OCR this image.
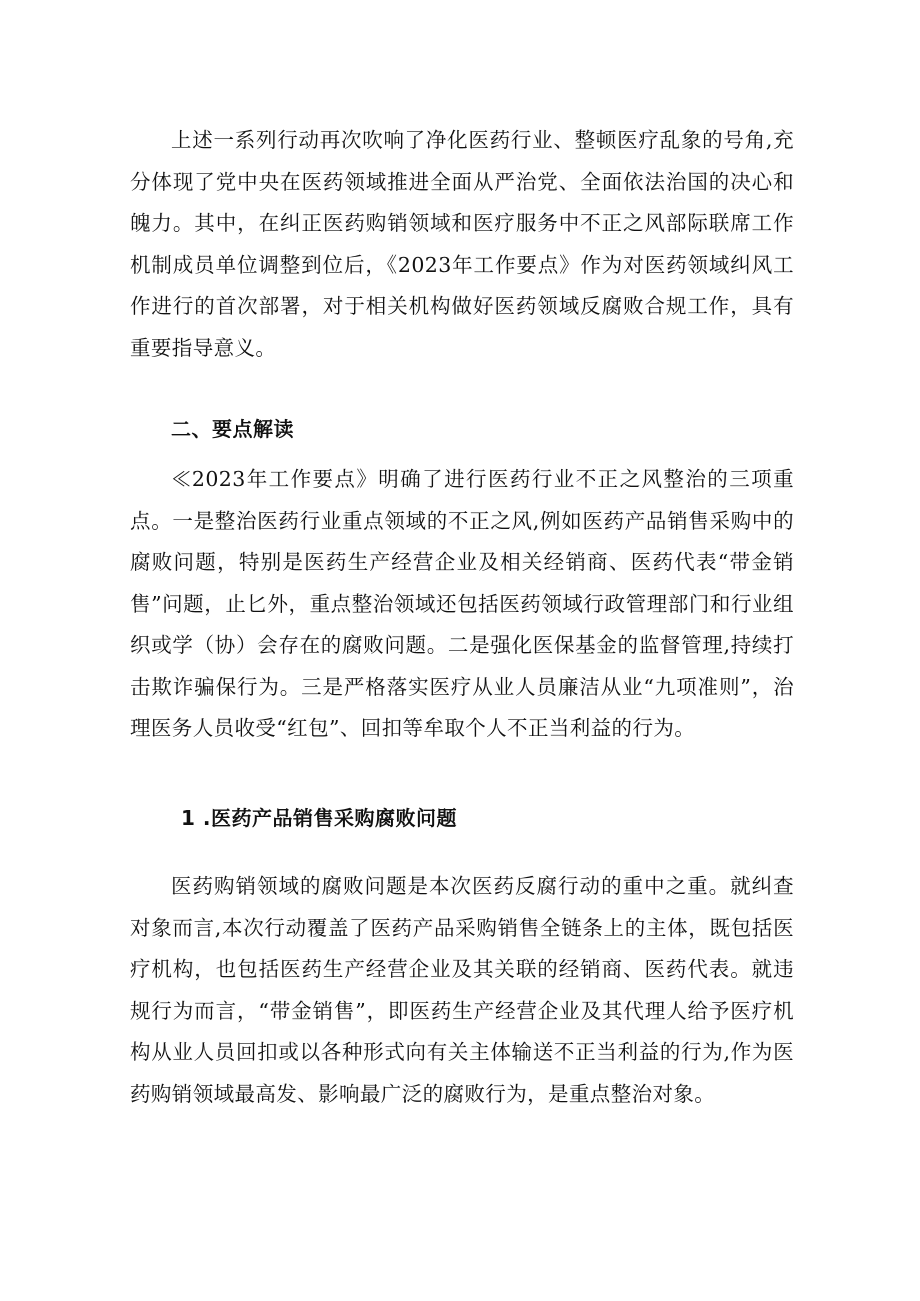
上述一系列行动再次吹响了净化医药行业、整顿医疗乱象的号角,充分体现了党中央在医药领域推进全面从严治党、全面依法治国的决心和魄力。其中，在纠正医药购销领域和医疗服务中不正之风部际联席工作机制成员单位调整到位后，《2023年工作要点》作为对医药领域纠风工作进行的首次部署，对于相关机构做好医药领域反腐败合规工作，具有重要指导意义。

二、要点解读

≪2023年工作要点》明确了进行医药行业不正之风整治的三项重点。一是整治医药行业重点领域的不正之风,例如医药产品销售采购中的腐败问题，特别是医药生产经营企业及相关经销商、医药代表“带金销售”问题，止匕外，重点整治领域还包括医药领域行政管理部门和行业组织或学（协）会存在的腐败问题。二是强化医保基金的监督管理,持续打击欺诈骗保行为。三是严格落实医疗从业人员廉洁从业“九项准则”，治理医务人员收受“红包”、回扣等牟取个人不正当利益的行为。

1 .医药产品销售采购腐败问题

医药购销领域的腐败问题是本次医药反腐行动的重中之重。就纠查对象而言,本次行动覆盖了医药产品采购销售全链条上的主体，既包括医疗机构，也包括医药生产经营企业及其关联的经销商、医药代表。就违规行为而言，“带金销售”，即医药生产经营企业及其代理人给予医疗机构从业人员回扣或以各种形式向有关主体输送不正当利益的行为,作为医药购销领域最高发、影响最广泛的腐败行为，是重点整治对象。
